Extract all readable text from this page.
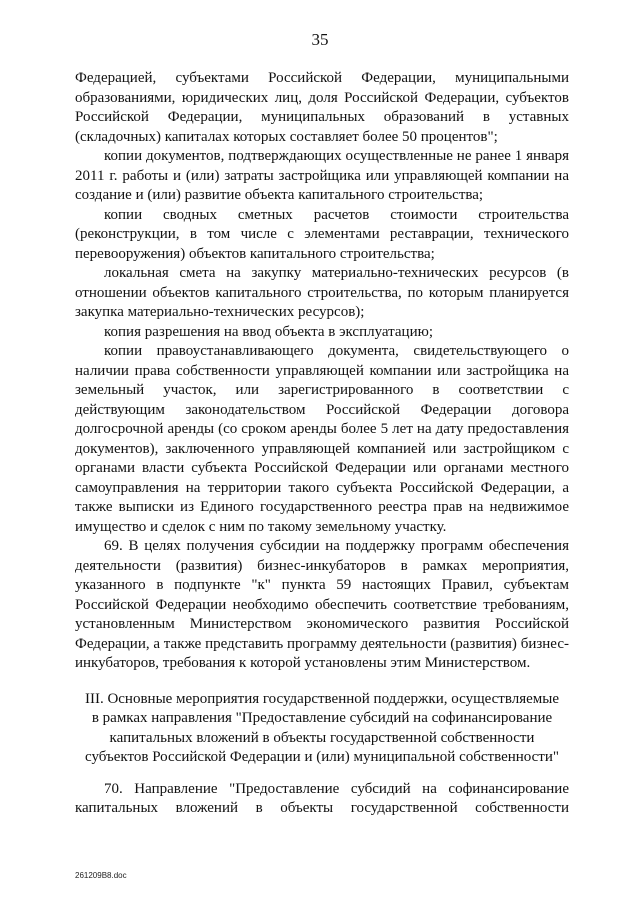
35

Федерацией, субъектами Российской Федерации, муниципальными образованиями, юридических лиц, доля Российской Федерации, субъектов Российской Федерации, муниципальных образований в уставных (складочных) капиталах которых составляет более 50 процентов";

копии документов, подтверждающих осуществленные не ранее 1 января 2011 г. работы и (или) затраты застройщика или управляющей компании на создание и (или) развитие объекта капитального строительства;

копии сводных сметных расчетов стоимости строительства (реконструкции, в том числе с элементами реставрации, технического перевооружения) объектов капитального строительства;

локальная смета на закупку материально-технических ресурсов (в отношении объектов капитального строительства, по которым планируется закупка материально-технических ресурсов);

копия разрешения на ввод объекта в эксплуатацию;

копии правоустанавливающего документа, свидетельствующего о наличии права собственности управляющей компании или застройщика на земельный участок, или зарегистрированного в соответствии с действующим законодательством Российской Федерации договора долгосрочной аренды (со сроком аренды более 5 лет на дату предоставления документов), заключенного управляющей компанией или застройщиком с органами власти субъекта Российской Федерации или органами местного самоуправления на территории такого субъекта Российской Федерации, а также выписки из Единого государственного реестра прав на недвижимое имущество и сделок с ним по такому земельному участку.

69. В целях получения субсидии на поддержку программ обеспечения деятельности (развития) бизнес-инкубаторов в рамках мероприятия, указанного в подпункте "к" пункта 59 настоящих Правил, субъектам Российской Федерации необходимо обеспечить соответствие требованиям, установленным Министерством экономического развития Российской Федерации, а также представить программу деятельности (развития) бизнес-инкубаторов, требования к которой установлены этим Министерством.

III. Основные мероприятия государственной поддержки, осуществляемые

в рамках направления "Предоставление субсидий на софинансирование

капитальных вложений в объекты государственной собственности

субъектов Российской Федерации и (или) муниципальной собственности"

70. Направление "Предоставление субсидий на софинансирование капитальных вложений в объекты государственной собственности

261209B8.doc
